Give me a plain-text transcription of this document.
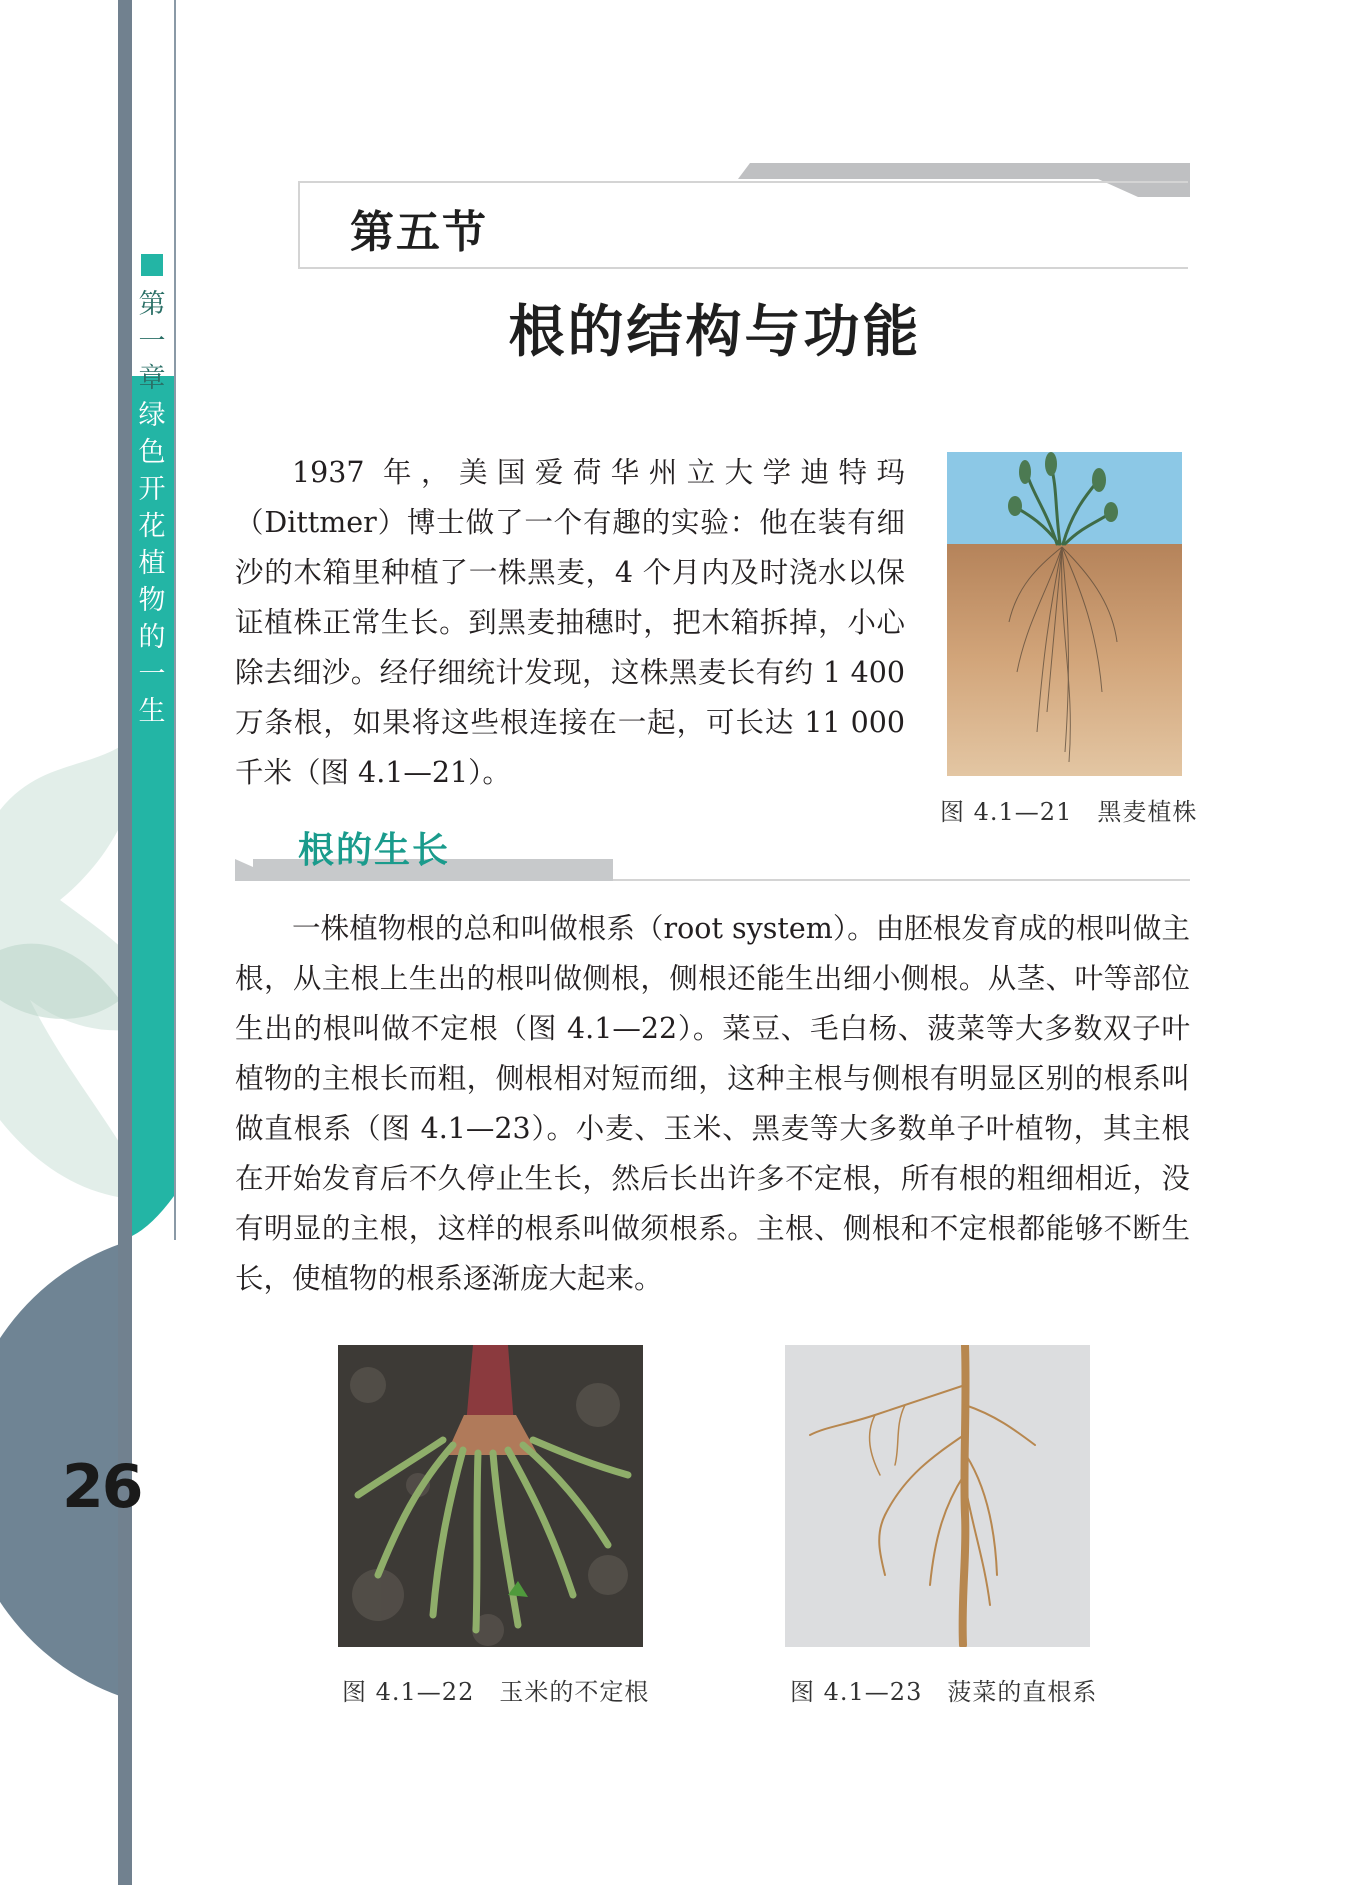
第
一
章
绿
色
开
花
植
物
的
一
生
26
第五节
根的结构与功能
1937 年，美国爱荷华州立大学迪特玛（Dittmer）博士做了一个有趣的实验：他在装有细沙的木箱里种植了一株黑麦，4 个月内及时浇水以保证植株正常生长。到黑麦抽穗时，把木箱拆掉，小心除去细沙。经仔细统计发现，这株黑麦长有约 1 400 万条根，如果将这些根连接在一起，可长达 11 000 千米（图 4.1—21）。
图 4.1—21　黑麦植株
根的生长
一株植物根的总和叫做根系（root system）。由胚根发育成的根叫做主根，从主根上生出的根叫做侧根，侧根还能生出细小侧根。从茎、叶等部位生出的根叫做不定根（图 4.1—22）。菜豆、毛白杨、菠菜等大多数双子叶植物的主根长而粗，侧根相对短而细，这种主根与侧根有明显区别的根系叫做直根系（图 4.1—23）。小麦、玉米、黑麦等大多数单子叶植物，其主根在开始发育后不久停止生长，然后长出许多不定根，所有根的粗细相近，没有明显的主根，这样的根系叫做须根系。主根、侧根和不定根都能够不断生长，使植物的根系逐渐庞大起来。
图 4.1—22　玉米的不定根	图 4.1—23　菠菜的直根系
